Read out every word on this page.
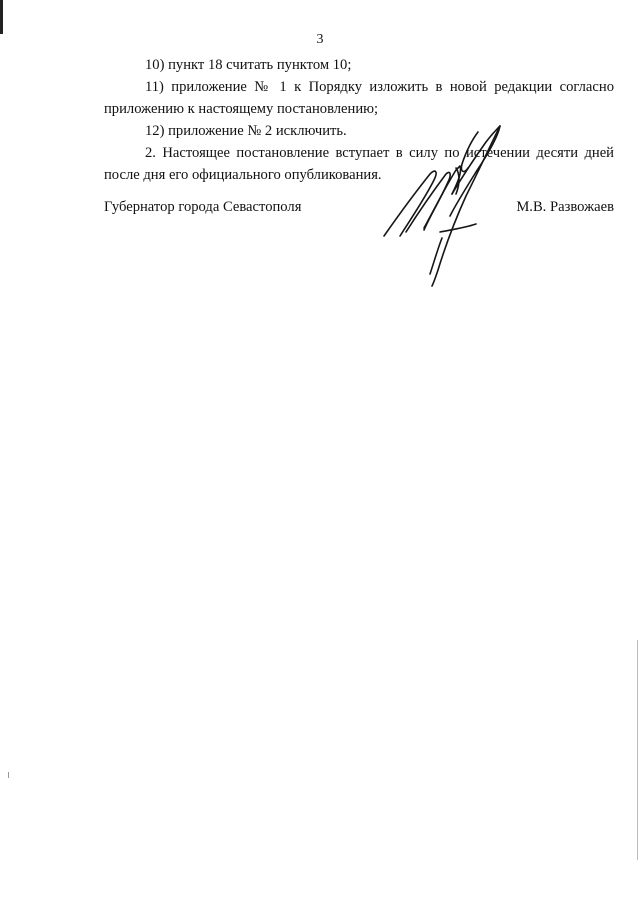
3

10) пункт 18 считать пунктом 10;

11) приложение № 1 к Порядку изложить в новой редакции согласно приложению к настоящему постановлению;

12) приложение № 2 исключить.

2. Настоящее постановление вступает в силу по истечении десяти дней после дня его официального опубликования.

Губернатор города Севастополя	М.В. Развожаев
